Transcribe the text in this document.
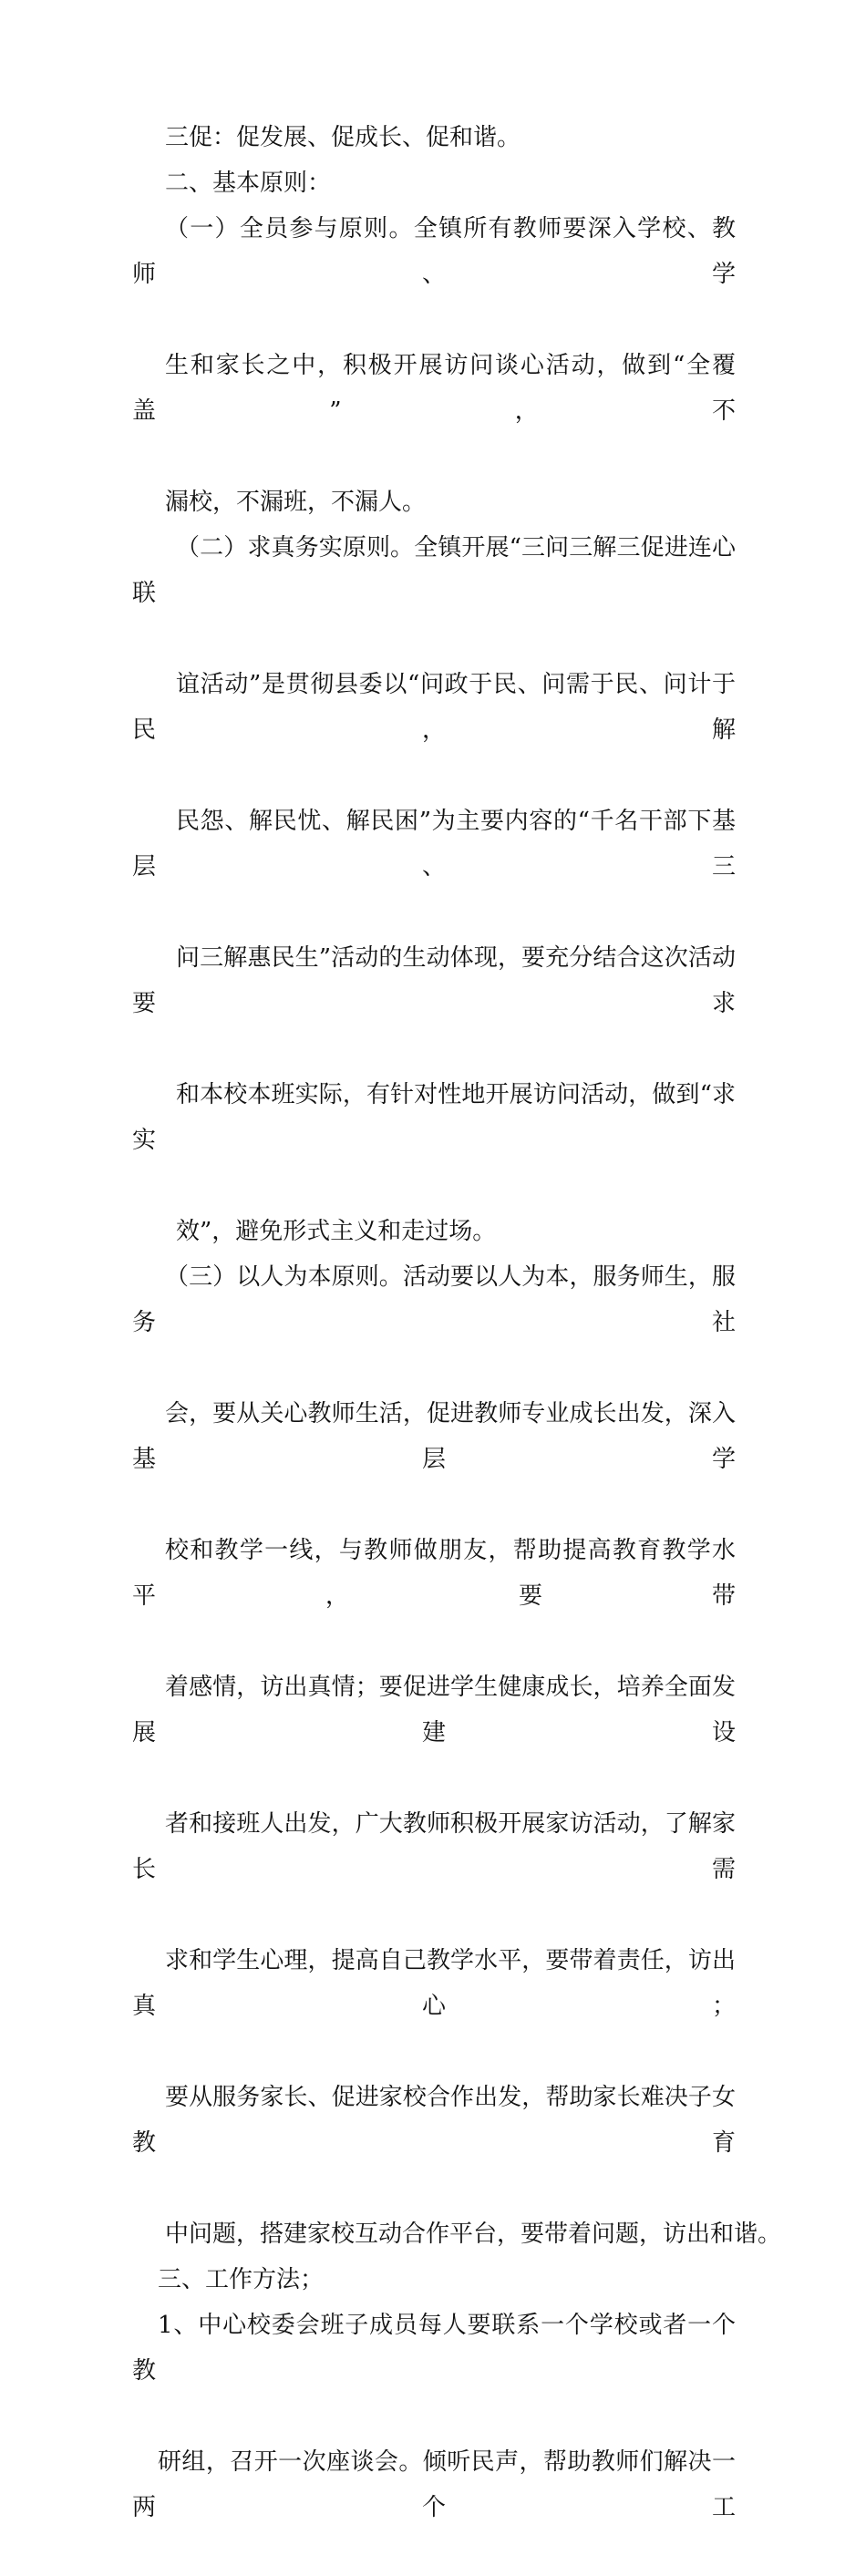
三促：促发展、促成长、促和谐。

二、基本原则：

（一）全员参与原则。全镇所有教师要深入学校、教师、学
生和家长之中，积极开展访问谈心活动，做到“全覆盖”，不
漏校，不漏班，不漏人。

（二）求真务实原则。全镇开展“三问三解三促进连心联
谊活动”是贯彻县委以“问政于民、问需于民、问计于民，解
民怨、解民忧、解民困”为主要内容的“千名干部下基层、三
问三解惠民生”活动的生动体现，要充分结合这次活动要求
和本校本班实际，有针对性地开展访问活动，做到“求实
效”，避免形式主义和走过场。

（三）以人为本原则。活动要以人为本，服务师生，服务社
会，要从关心教师生活，促进教师专业成长出发，深入基层学
校和教学一线，与教师做朋友，帮助提高教育教学水平，要带
着感情，访出真情；要促进学生健康成长，培养全面发展建设
者和接班人出发，广大教师积极开展家访活动，了解家长需
求和学生心理，提高自己教学水平，要带着责任，访出真心；
要从服务家长、促进家校合作出发，帮助家长难决子女教育
中问题，搭建家校互动合作平台，要带着问题，访出和谐。

三、工作方法；

1、中心校委会班子成员每人要联系一个学校或者一个教
研组，召开一次座谈会。倾听民声，帮助教师们解决一两个工
